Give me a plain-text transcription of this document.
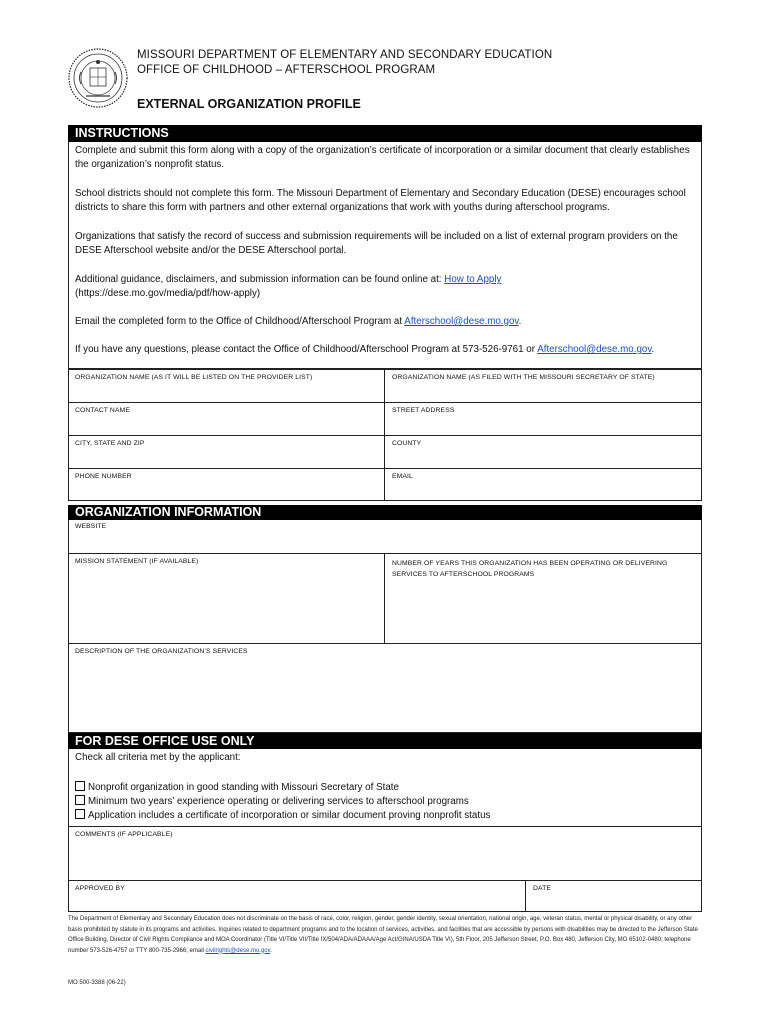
MISSOURI DEPARTMENT OF ELEMENTARY AND SECONDARY EDUCATION
OFFICE OF CHILDHOOD – AFTERSCHOOL PROGRAM
EXTERNAL ORGANIZATION PROFILE
INSTRUCTIONS

Complete and submit this form along with a copy of the organization’s certificate of incorporation or a similar document that clearly establishes the organization’s nonprofit status.

School districts should not complete this form. The Missouri Department of Elementary and Secondary Education (DESE) encourages school districts to share this form with partners and other external organizations that work with youths during afterschool programs.

Organizations that satisfy the record of success and submission requirements will be included on a list of external program providers on the DESE Afterschool website and/or the DESE Afterschool portal.

Additional guidance, disclaimers, and submission information can be found online at: How to Apply
(https://dese.mo.gov/media/pdf/how-apply)

Email the completed form to the Office of Childhood/Afterschool Program at Afterschool@dese.mo.gov.

If you have any questions, please contact the Office of Childhood/Afterschool Program at 573-526-9761 or Afterschool@dese.mo.gov.

ORGANIZATION NAME (AS IT WILL BE LISTED ON THE PROVIDER LIST)	ORGANIZATION NAME (AS FILED WITH THE MISSOURI SECRETARY OF STATE)
CONTACT NAME	STREET ADDRESS
CITY, STATE AND ZIP	COUNTY
PHONE NUMBER	EMAIL
ORGANIZATION INFORMATION
WEBSITE
MISSION STATEMENT (IF AVAILABLE)	NUMBER OF YEARS THIS ORGANIZATION HAS BEEN OPERATING OR DELIVERING SERVICES TO AFTERSCHOOL PROGRAMS
DESCRIPTION OF THE ORGANIZATION’S SERVICES
FOR DESE OFFICE USE ONLY
Check all criteria met by the applicant:
Nonprofit organization in good standing with Missouri Secretary of State
Minimum two years’ experience operating or delivering services to afterschool programs
Application includes a certificate of incorporation or similar document proving nonprofit status
COMMENTS (IF APPLICABLE)
APPROVED BY	DATE
The Department of Elementary and Secondary Education does not discriminate on the basis of race, color, religion, gender, gender identity, sexual orientation, national origin, age, veteran status, mental or physical disability, or any other basis prohibited by statute in its programs and activities. Inquiries related to department programs and to the location of services, activities, and facilities that are accessible by persons with disabilities may be directed to the Jefferson State Office Building, Director of Civil Rights Compliance and MOA Coordinator (Title VI/Title VII/Title IX/504/ADA/ADAAA/Age Act/GINA/USDA Title VI), 5th Floor, 205 Jefferson Street, P.O. Box 480, Jefferson City, MO 65102-0480; telephone number 573-526-4757 or TTY 800-735-2966; email civilrights@dese.mo.gov.
MO 500-3388 (06-22)
